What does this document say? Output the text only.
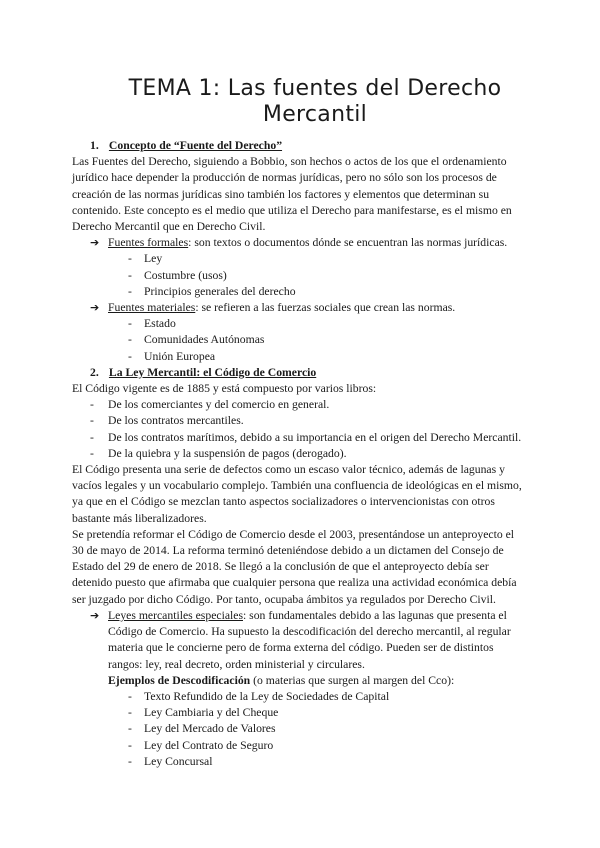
TEMA 1: Las fuentes del Derecho Mercantil
1. Concepto de “Fuente del Derecho”

Las Fuentes del Derecho, siguiendo a Bobbio, son hechos o actos de los que el ordenamiento jurídico hace depender la producción de normas jurídicas, pero no sólo son los procesos de creación de las normas jurídicas sino también los factores y elementos que determinan su contenido. Este concepto es el medio que utiliza el Derecho para manifestarse, es el mismo en Derecho Mercantil que en Derecho Civil.

➔ Fuentes formales: son textos o documentos dónde se encuentran las normas jurídicas.
- Ley
- Costumbre (usos)
- Principios generales del derecho
➔ Fuentes materiales: se refieren a las fuerzas sociales que crean las normas.
- Estado
- Comunidades Autónomas
- Unión Europea
2. La Ley Mercantil: el Código de Comercio

El Código vigente es de 1885 y está compuesto por varios libros:

- De los comerciantes y del comercio en general.
- De los contratos mercantiles.
- De los contratos marítimos, debido a su importancia en el origen del Derecho Mercantil.
- De la quiebra y la suspensión de pagos (derogado).

El Código presenta una serie de defectos como un escaso valor técnico, además de lagunas y vacíos legales y un vocabulario complejo. También una confluencia de ideológicas en el mismo, ya que en el Código se mezclan tanto aspectos socializadores o intervencionistas con otros bastante más liberalizadores.

Se pretendía reformar el Código de Comercio desde el 2003, presentándose un anteproyecto el 30 de mayo de 2014. La reforma terminó deteniéndose debido a un dictamen del Consejo de Estado del 29 de enero de 2018. Se llegó a la conclusión de que el anteproyecto debía ser detenido puesto que afirmaba que cualquier persona que realiza una actividad económica debía ser juzgado por dicho Código. Por tanto, ocupaba ámbitos ya regulados por Derecho Civil.

➔ Leyes mercantiles especiales: son fundamentales debido a las lagunas que presenta el Código de Comercio. Ha supuesto la descodificación del derecho mercantil, al regular materia que le concierne pero de forma externa del código. Pueden ser de distintos rangos: ley, real decreto, orden ministerial y circulares.
Ejemplos de Descodificación (o materias que surgen al margen del Cco):
- Texto Refundido de la Ley de Sociedades de Capital
- Ley Cambiaria y del Cheque
- Ley del Mercado de Valores
- Ley del Contrato de Seguro
- Ley Concursal
